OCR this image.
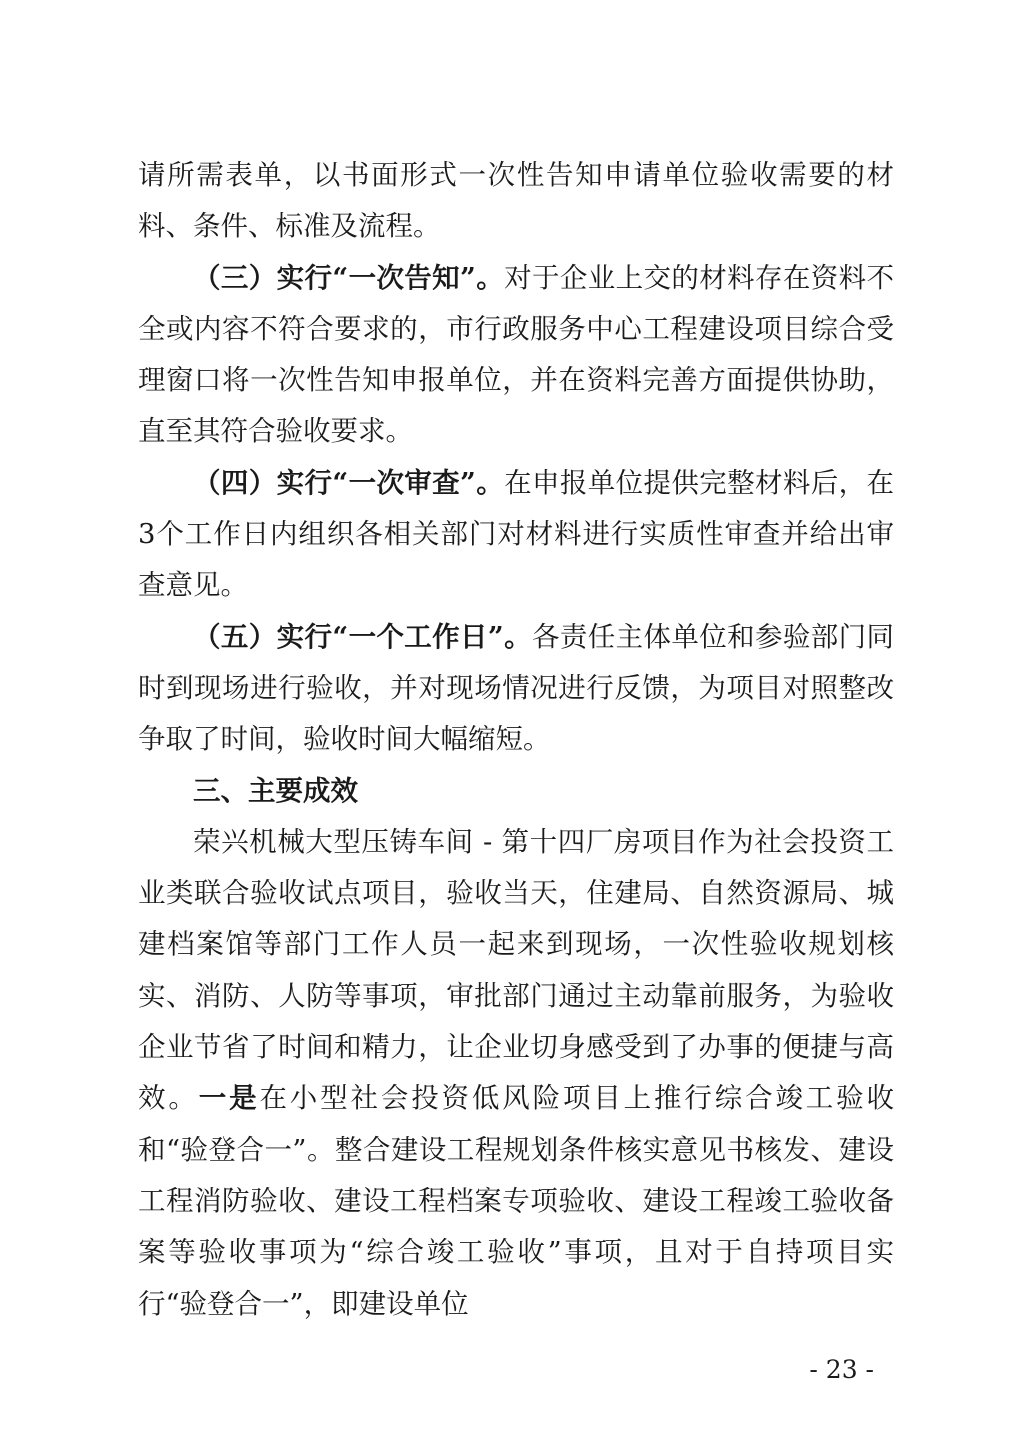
请所需表单，以书面形式一次性告知申请单位验收需要的材料、条件、标准及流程。

（三）实行“一次告知”。对于企业上交的材料存在资料不全或内容不符合要求的，市行政服务中心工程建设项目综合受理窗口将一次性告知申报单位，并在资料完善方面提供协助，直至其符合验收要求。

（四）实行“一次审查”。在申报单位提供完整材料后，在3个工作日内组织各相关部门对材料进行实质性审查并给出审查意见。

（五）实行“一个工作日”。各责任主体单位和参验部门同时到现场进行验收，并对现场情况进行反馈，为项目对照整改争取了时间，验收时间大幅缩短。

三、主要成效

荣兴机械大型压铸车间 - 第十四厂房项目作为社会投资工业类联合验收试点项目，验收当天，住建局、自然资源局、城建档案馆等部门工作人员一起来到现场，一次性验收规划核实、消防、人防等事项，审批部门通过主动靠前服务，为验收企业节省了时间和精力，让企业切身感受到了办事的便捷与高效。一是在小型社会投资低风险项目上推行综合竣工验收和“验登合一”。整合建设工程规划条件核实意见书核发、建设工程消防验收、建设工程档案专项验收、建设工程竣工验收备案等验收事项为“综合竣工验收”事项，且对于自持项目实行“验登合一”，即建设单位

- 23 -
